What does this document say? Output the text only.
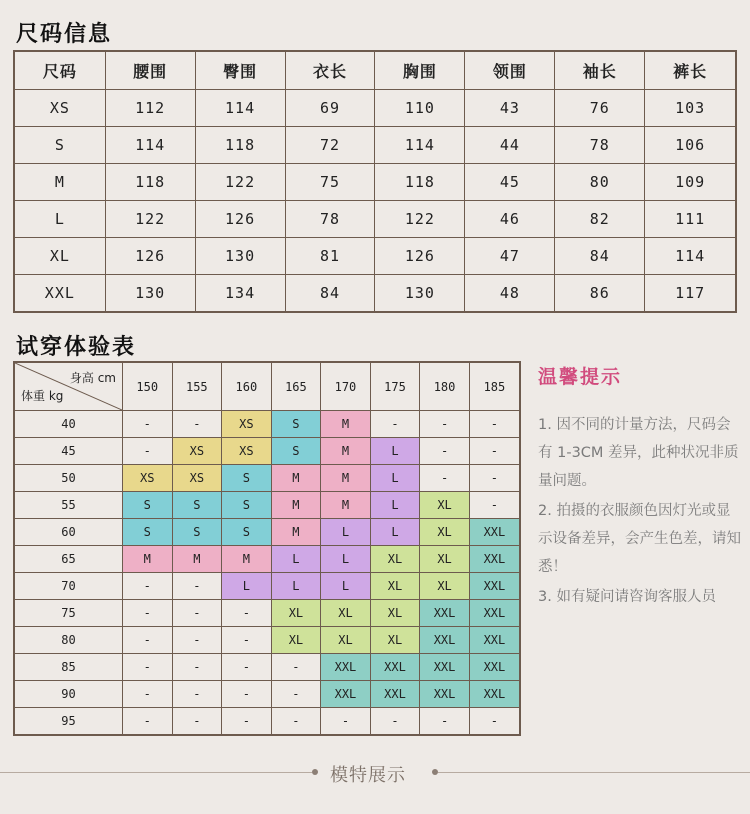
尺码信息
尺码	腰围	臀围	衣长	胸围	领围	袖长	裤长
XS	112	114	69	110	43	76	103
S	114	118	72	114	44	78	106
M	118	122	75	118	45	80	109
L	122	126	78	122	46	82	111
XL	126	130	81	126	47	84	114
XXL	130	134	84	130	48	86	117
试穿体验表
身高 cm
体重 kg	150	155	160	165	170	175	180	185
40	-	-	XS	S	M	-	-	-
45	-	XS	XS	S	M	L	-	-
50	XS	XS	S	M	M	L	-	-
55	S	S	S	M	M	L	XL	-
60	S	S	S	M	L	L	XL	XXL
65	M	M	M	L	L	XL	XL	XXL
70	-	-	L	L	L	XL	XL	XXL
75	-	-	-	XL	XL	XL	XXL	XXL
80	-	-	-	XL	XL	XL	XXL	XXL
85	-	-	-	-	XXL	XXL	XXL	XXL
90	-	-	-	-	XXL	XXL	XXL	XXL
95	-	-	-	-	-	-	-	-
温馨提示
1. 因不同的计量方法，尺码会有 1-3CM 差异，此种状况非质量问题。
2. 拍摄的衣服颜色因灯光或显示设备差异，会产生色差，请知悉！
3. 如有疑问请咨询客服人员
模特展示
